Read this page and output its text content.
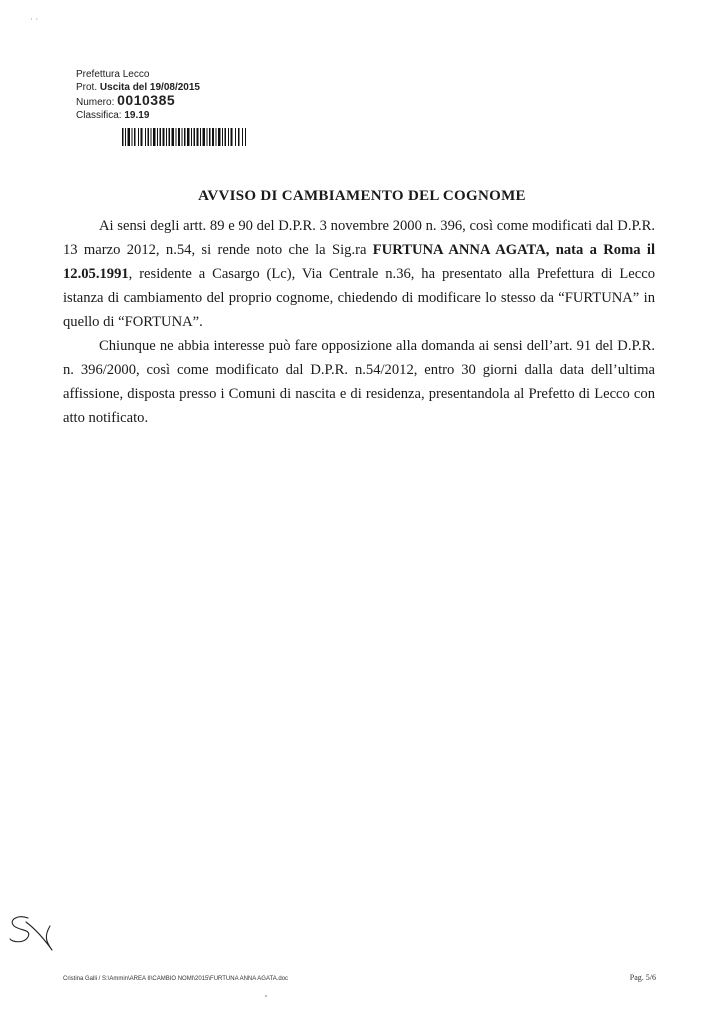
· ·
Prefettura Lecco
Prot. Uscita del 19/08/2015
Numero: 0010385
Classifica: 19.19
AVVISO DI CAMBIAMENTO DEL COGNOME

Ai sensi degli artt. 89 e 90 del D.P.R. 3 novembre 2000 n. 396, così come modificati dal D.P.R. 13 marzo 2012, n.54, si rende noto che la Sig.ra FURTUNA ANNA AGATA, nata a Roma il 12.05.1991, residente a Casargo (Lc), Via Centrale n.36, ha presentato alla Prefettura di Lecco istanza di cambiamento del proprio cognome, chiedendo di modificare lo stesso da “FURTUNA” in quello di “FORTUNA”.

Chiunque ne abbia interesse può fare opposizione alla domanda ai sensi dell’art. 91 del D.P.R. n. 396/2000, così come modificato dal D.P.R. n.54/2012, entro 30 giorni dalla data dell’ultima affissione, disposta presso i Comuni di nascita e di residenza, presentandola al Prefetto di Lecco con atto notificato.

Cristina Galli / S:\Ammin\AREA II\CAMBIO NOMI\2015\FURTUNA ANNA AGATA.doc	Pag. 5/6
